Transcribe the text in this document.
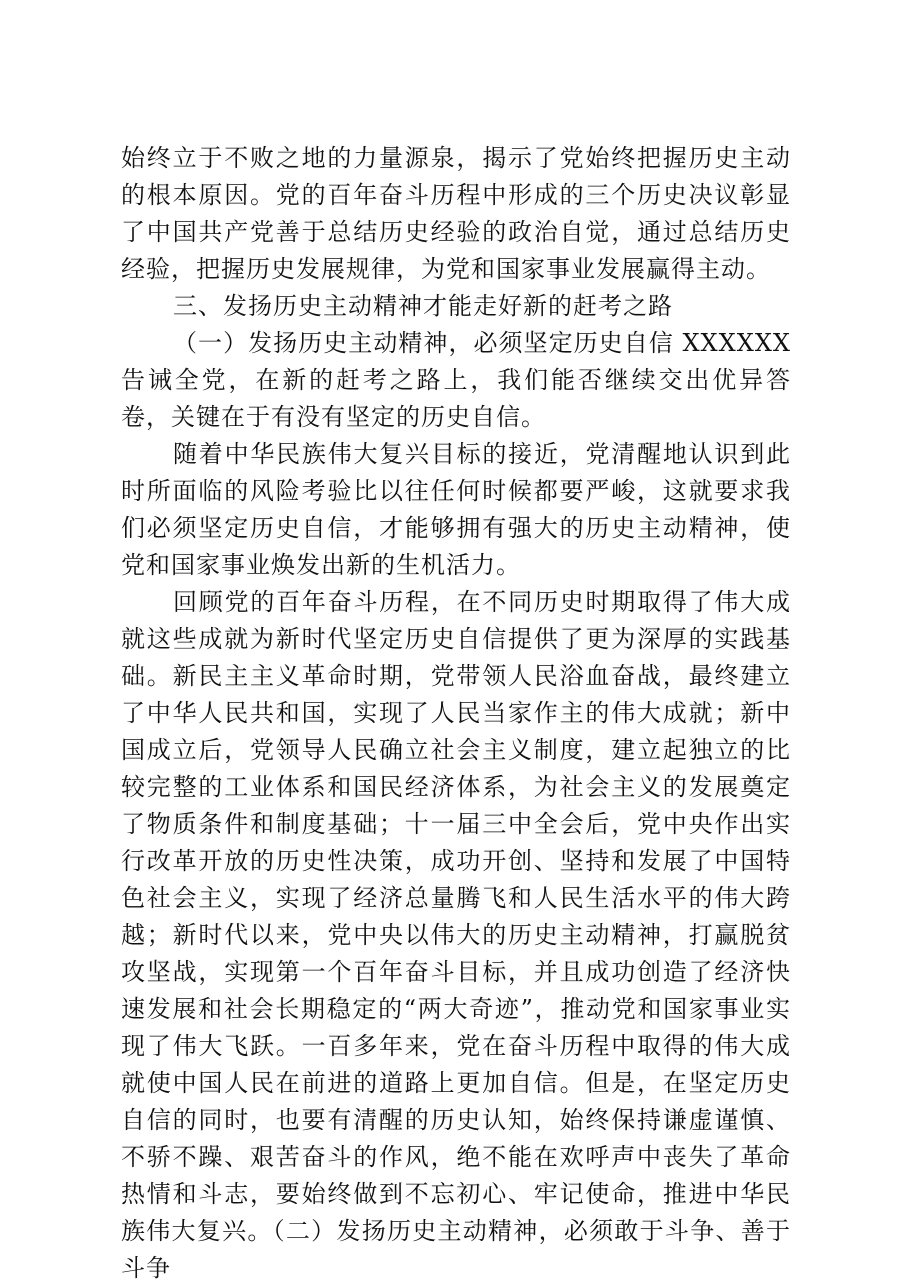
始终立于不败之地的力量源泉，揭示了党始终把握历史主动的根本原因。党的百年奋斗历程中形成的三个历史决议彰显了中国共产党善于总结历史经验的政治自觉，通过总结历史经验，把握历史发展规律，为党和国家事业发展赢得主动。

三、发扬历史主动精神才能走好新的赶考之路

（一）发扬历史主动精神，必须坚定历史自信 XXXXXX 告诫全党，在新的赶考之路上，我们能否继续交出优异答卷，关键在于有没有坚定的历史自信。

随着中华民族伟大复兴目标的接近，党清醒地认识到此时所面临的风险考验比以往任何时候都要严峻，这就要求我们必须坚定历史自信，才能够拥有强大的历史主动精神，使党和国家事业焕发出新的生机活力。

回顾党的百年奋斗历程，在不同历史时期取得了伟大成就这些成就为新时代坚定历史自信提供了更为深厚的实践基础。新民主主义革命时期，党带领人民浴血奋战，最终建立了中华人民共和国，实现了人民当家作主的伟大成就；新中国成立后，党领导人民确立社会主义制度，建立起独立的比较完整的工业体系和国民经济体系，为社会主义的发展奠定了物质条件和制度基础；十一届三中全会后，党中央作出实行改革开放的历史性决策，成功开创、坚持和发展了中国特色社会主义，实现了经济总量腾飞和人民生活水平的伟大跨越；新时代以来，党中央以伟大的历史主动精神，打赢脱贫攻坚战，实现第一个百年奋斗目标，并且成功创造了经济快速发展和社会长期稳定的“两大奇迹”，推动党和国家事业实现了伟大飞跃。一百多年来，党在奋斗历程中取得的伟大成就使中国人民在前进的道路上更加自信。但是，在坚定历史自信的同时，也要有清醒的历史认知，始终保持谦虚谨慎、不骄不躁、艰苦奋斗的作风，绝不能在欢呼声中丧失了革命热情和斗志，要始终做到不忘初心、牢记使命，推进中华民族伟大复兴。（二）发扬历史主动精神，必须敢于斗争、善于斗争
